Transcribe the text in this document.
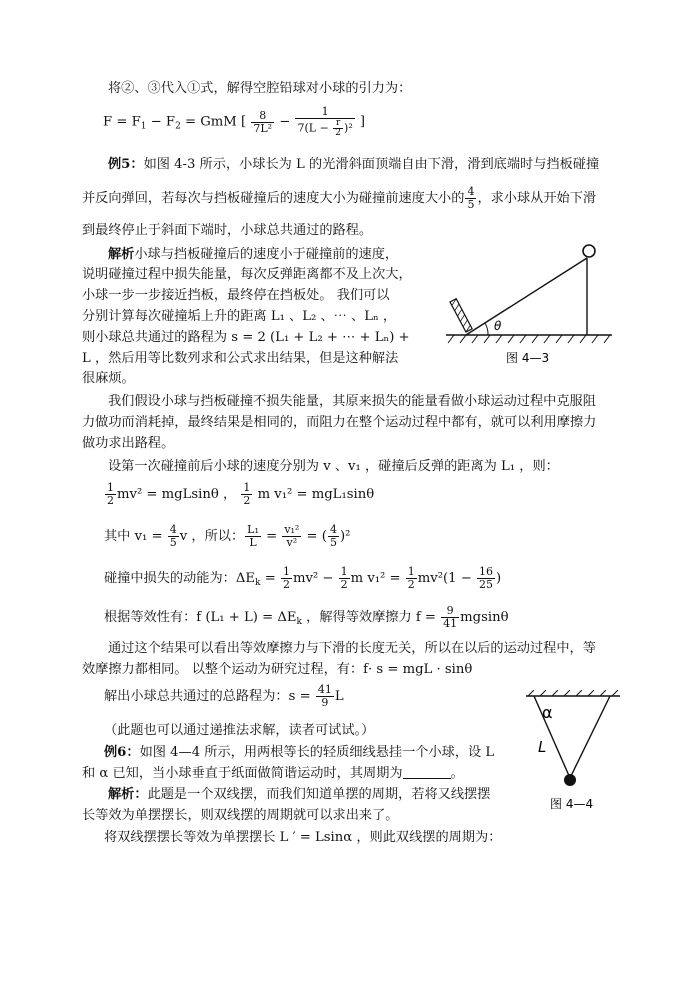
将②、③代入①式，解得空腔铅球对小球的引力为：
$F = F_1 - F_2$ = GmM [ $\frac{8}{\text{7L²}} - \frac{1}{7(L - \frac{r}{2} )^2}$ ]
例5：如图 4-3 所示，小球长为 L 的光滑斜面顶端自由下滑，滑到底端时与挡板碰撞
并反向弹回，若每次与挡板碰撞后的速度大小为碰撞前速度大小的 $\frac{4}{5}$ ，求小球从开始下滑
到最终停止于斜面下端时，小球总共通过的路程。
解析小球与挡板碰撞后的速度小于碰撞前的速度，
说明碰撞过程中损失能量，每次反弹距离都不及上次大，
小球一步一步接近挡板，最终停在挡板处。 我们可以
分别计算每次碰撞垢上升的距离 L₁ 、L₂ 、⋯ 、Lₙ ，
则小球总共通过的路程为 s = 2 (L₁ + L₂ + ⋯ + Lₙ) +
L ，然后用等比数列求和公式求出结果，但是这种解法
很麻烦。
θ
图 4—3
我们假设小球与挡板碰撞不损失能量，其原来损失的能量看做小球运动过程中克服阻
力做功而消耗掉，最终结果是相同的，而阻力在整个运动过程中都有，就可以利用摩擦力
做功求出路程。
设第一次碰撞前后小球的速度分别为 v 、v₁ ，碰撞后反弹的距离为 L₁ ，则：
$\frac{1}{2} mv^2 = mgLsin\theta$ ， $\frac{1}{2}$ m v₁² = mgL₁sinθ
其中 $v_1 = \frac{4}{5}$ v ，所以： $\frac{\text{L₁}}{L} = \frac{\text{v₁²}}{\text{v²}}$ = ( $\frac{4}{5} )^2$
碰撞中损失的动能为：$\Delta E_k = \frac{1}{2} mv^2 - \frac{1}{2}$ m $v_1^2 = \frac{1}{2} mv^2(1 - \frac{16}{25}$ )
根据等效性有：f $(L_1 + L) = \Delta E_k$ ，解得等效摩擦力 $f = \frac{9}{41}$ mgsinθ
通过这个结果可以看出等效摩擦力与下滑的长度无关，所以在以后的运动过程中，等
效摩擦力都相同。 以整个运动为研究过程，有：f· s = mgL · sinθ
解出小球总共通过的总路程为：$s = \frac{41}{9}$ L
（此题也可以通过递推法求解，读者可试试。）
例6：如图 4—4 所示，用两根等长的轻质细线悬挂一个小球，设 L
和 α 已知，当小球垂直于纸面做简谐运动时，其周期为	。
解析：此题是一个双线摆，而我们知道单摆的周期，若将又线摆摆
长等效为单摆摆长，则双线摆的周期就可以求出来了。
将双线摆摆长等效为单摆摆长 L ′ = Lsinα ，则此双线摆的周期为：
α
L
图 4—4
